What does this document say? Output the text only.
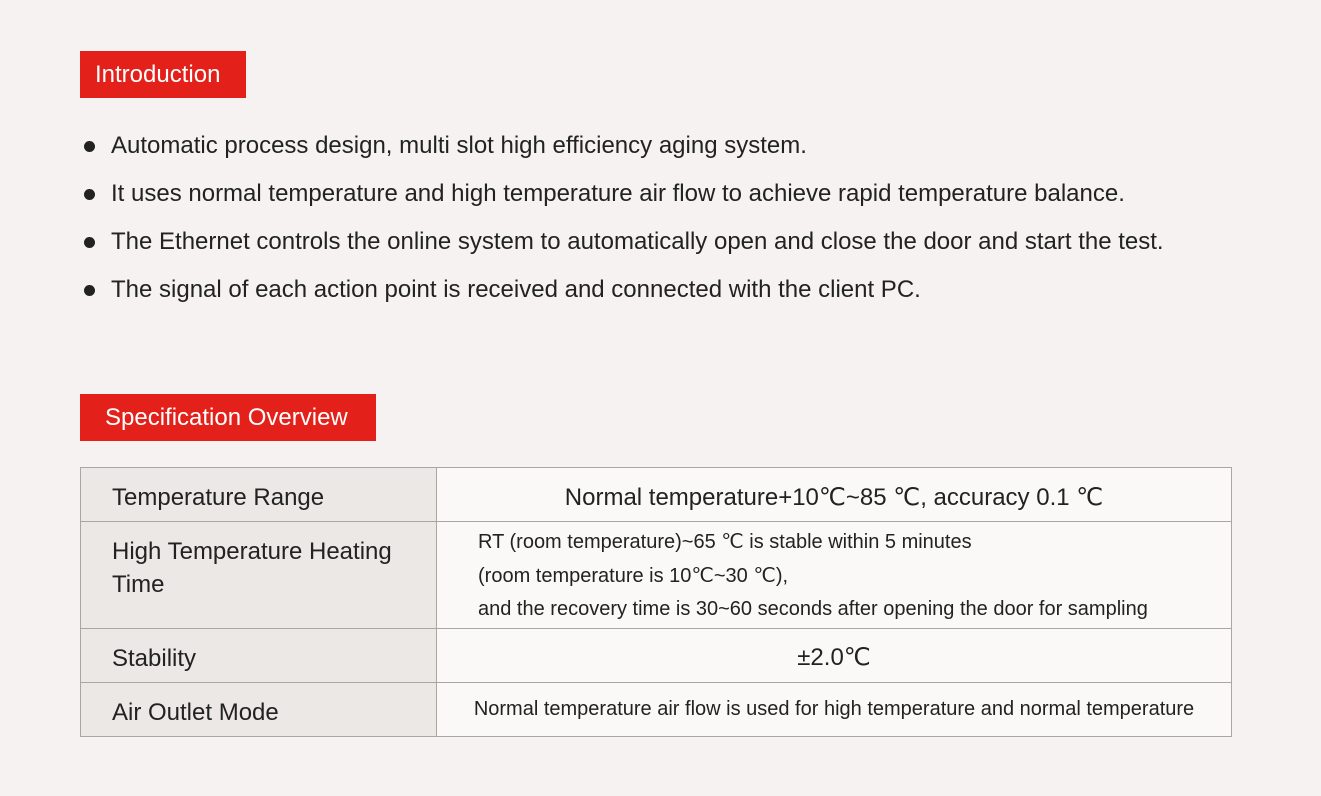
Introduction
Automatic process design, multi slot high efficiency aging system.
It uses normal temperature and high temperature air flow to achieve rapid temperature balance.
The Ethernet controls the online system to automatically open and close the door and start the test.
The signal of each action point is received and connected with the client PC.
Specification Overview
Temperature Range	Normal temperature+10℃~85 ℃, accuracy 0.1 ℃
High Temperature Heating Time	RT (room temperature)~65 ℃ is stable within 5 minutes
(room temperature is 10℃~30 ℃),
and the recovery time is 30~60 seconds after opening the door for sampling

Stability	±2.0℃
Air Outlet Mode	Normal temperature air flow is used for high temperature and normal temperature
